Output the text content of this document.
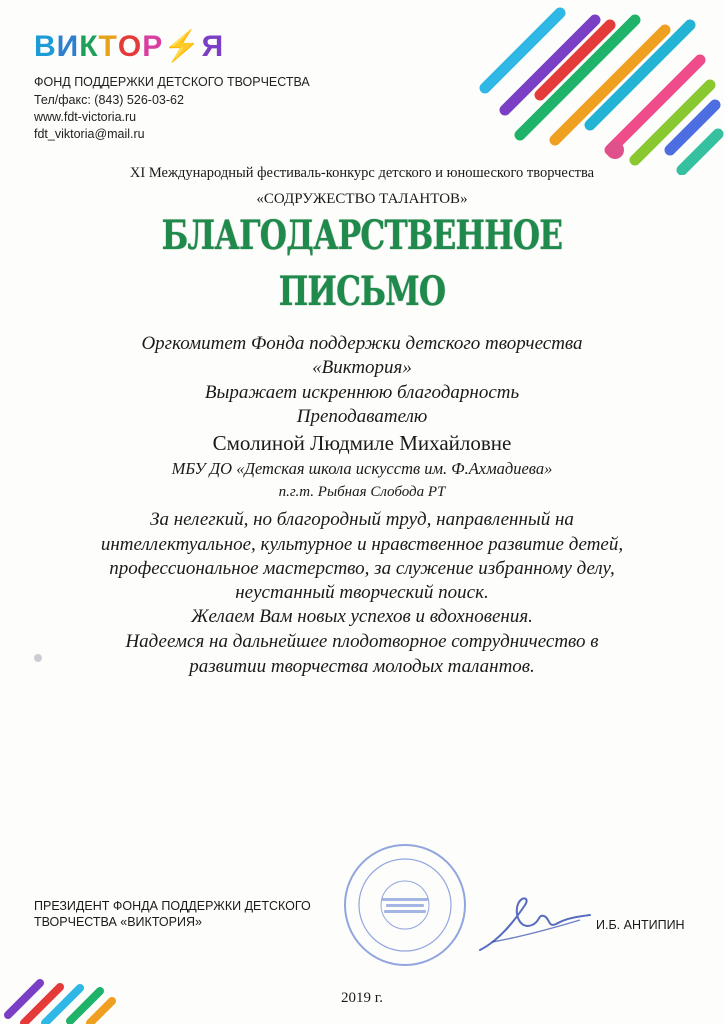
ВИКТОР⚡Я
ФОНД ПОДДЕРЖКИ ДЕТСКОГО ТВОРЧЕСТВА
Тел/факс: (843) 526-03-62
www.fdt-victoria.ru
fdt_viktoria@mail.ru
XI Международный фестиваль-конкурс детского и юношеского творчества
«СОДРУЖЕСТВО ТАЛАНТОВ»
БЛАГОДАРСТВЕННОЕ ПИСЬМО
Оргкомитет Фонда поддержки детского творчества
«Виктория»
Выражает искреннюю благодарность
Преподавателю
Смолиной Людмиле Михайловне
МБУ ДО «Детская школа искусств им. Ф.Ахмадиева»
п.г.т. Рыбная Слобода РТ
За нелегкий, но благородный труд, направленный на
интеллектуальное, культурное и нравственное развитие детей,
профессиональное мастерство, за служение избранному делу,
неустанный творческий поиск.
Желаем Вам новых успехов и вдохновения.
Надеемся на дальнейшее плодотворное сотрудничество в
развитии творчества молодых талантов.
ПРЕЗИДЕНТ ФОНДА ПОДДЕРЖКИ ДЕТСКОГО
ТВОРЧЕСТВА «ВИКТОРИЯ»	И.Б. АНТИПИН
2019 г.
